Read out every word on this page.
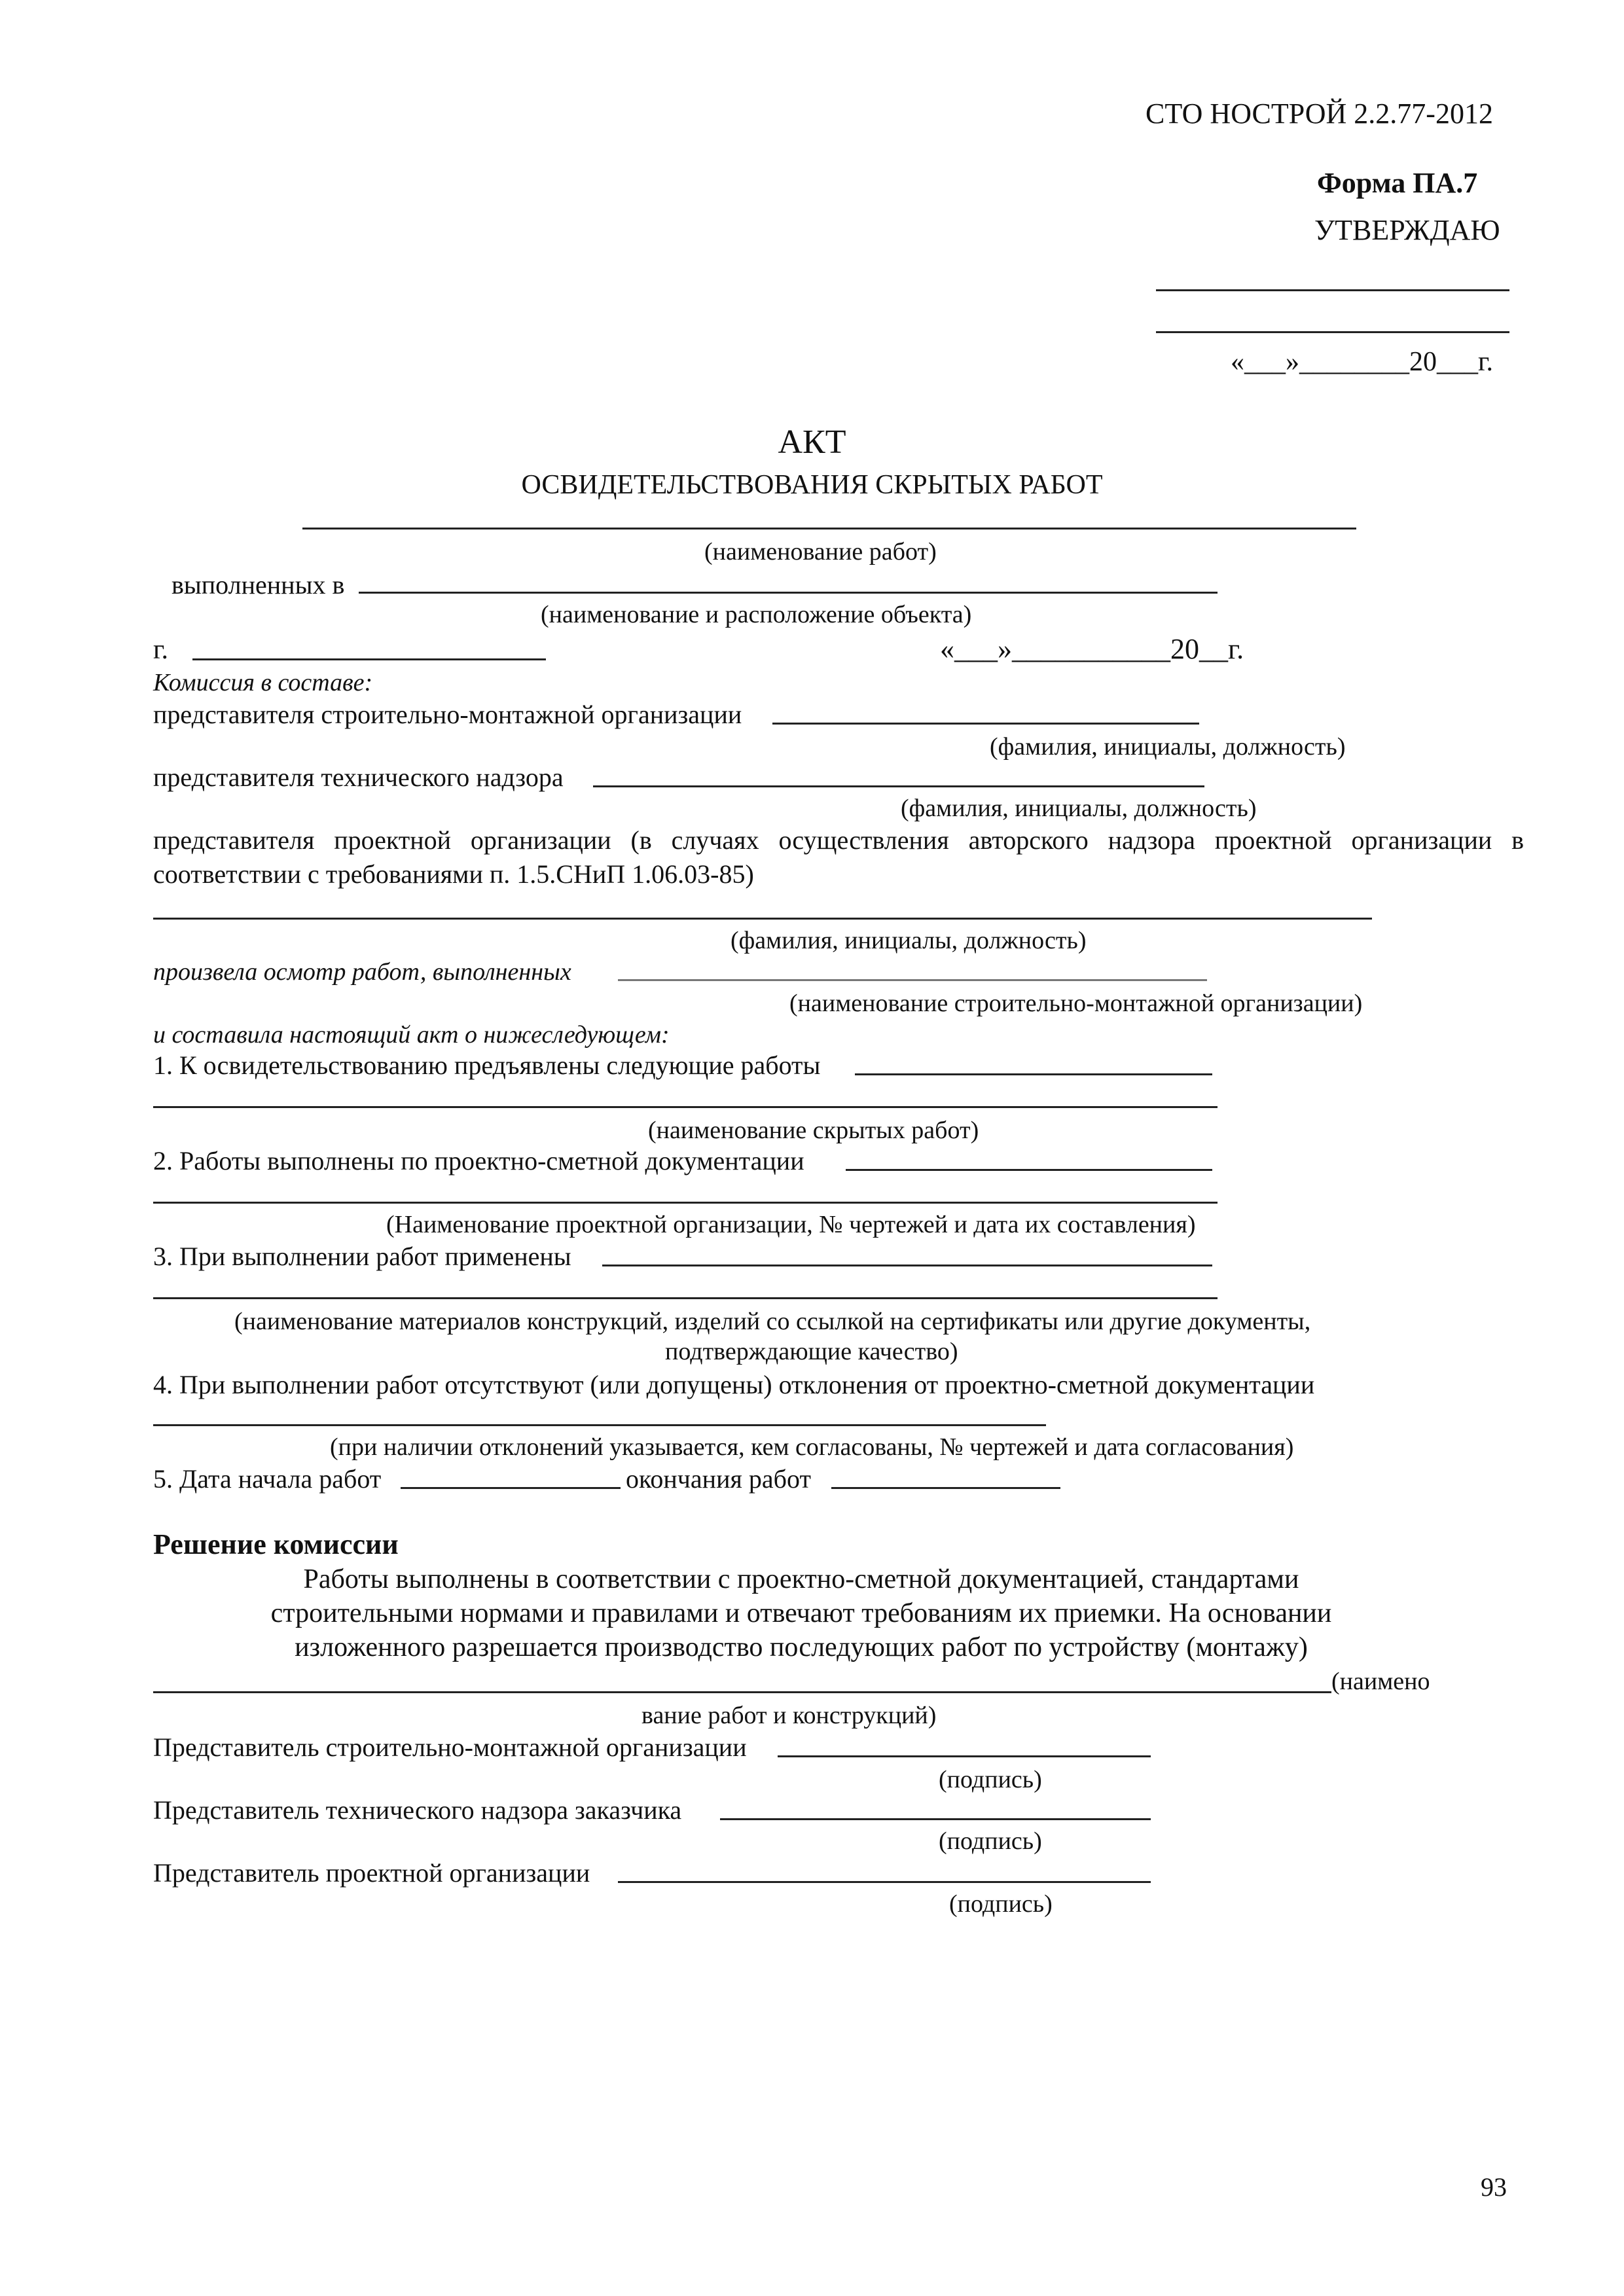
СТО НОСТРОЙ 2.2.77-2012
Форма ПА.7
УТВЕРЖДАЮ
«___»________20___г.
АКТ
ОСВИДЕТЕЛЬСТВОВАНИЯ СКРЫТЫХ РАБОТ
(наименование работ)
выполненных в
(наименование и расположение объекта)
г.	«___»___________20__г.
Комиссия в составе:
представителя строительно-монтажной организации
(фамилия, инициалы, должность)
представителя технического надзора
(фамилия, инициалы, должность)
представителя проектной организации (в случаях осуществления авторского надзора проектной организации в соответствии с требованиями п. 1.5.СНиП 1.06.03-85)
(фамилия, инициалы, должность)
произвела осмотр работ, выполненных
(наименование строительно-монтажной организации)
и составила настоящий акт о нижеследующем:
1. К освидетельствованию предъявлены следующие работы
(наименование скрытых работ)
2. Работы выполнены по проектно-сметной документации
(Наименование проектной организации, № чертежей и дата их составления)
3. При выполнении работ применены
(наименование материалов конструкций, изделий со ссылкой на сертификаты или другие документы,
подтверждающие качество)
4. При выполнении работ отсутствуют (или допущены) отклонения от проектно-сметной документации
(при наличии отклонений указывается, кем согласованы, № чертежей и дата согласования)
5. Дата начала работ	окончания работ
Решение комиссии
Работы выполнены в соответствии с проектно-сметной документацией, стандартами
строительными нормами и правилами и отвечают требованиям их приемки. На основании
изложенного разрешается производство последующих работ по устройству (монтажу)
(наимено
вание работ и конструкций)
Представитель строительно-монтажной организации
(подпись)
Представитель технического надзора заказчика
(подпись)
Представитель проектной организации
(подпись)
93
